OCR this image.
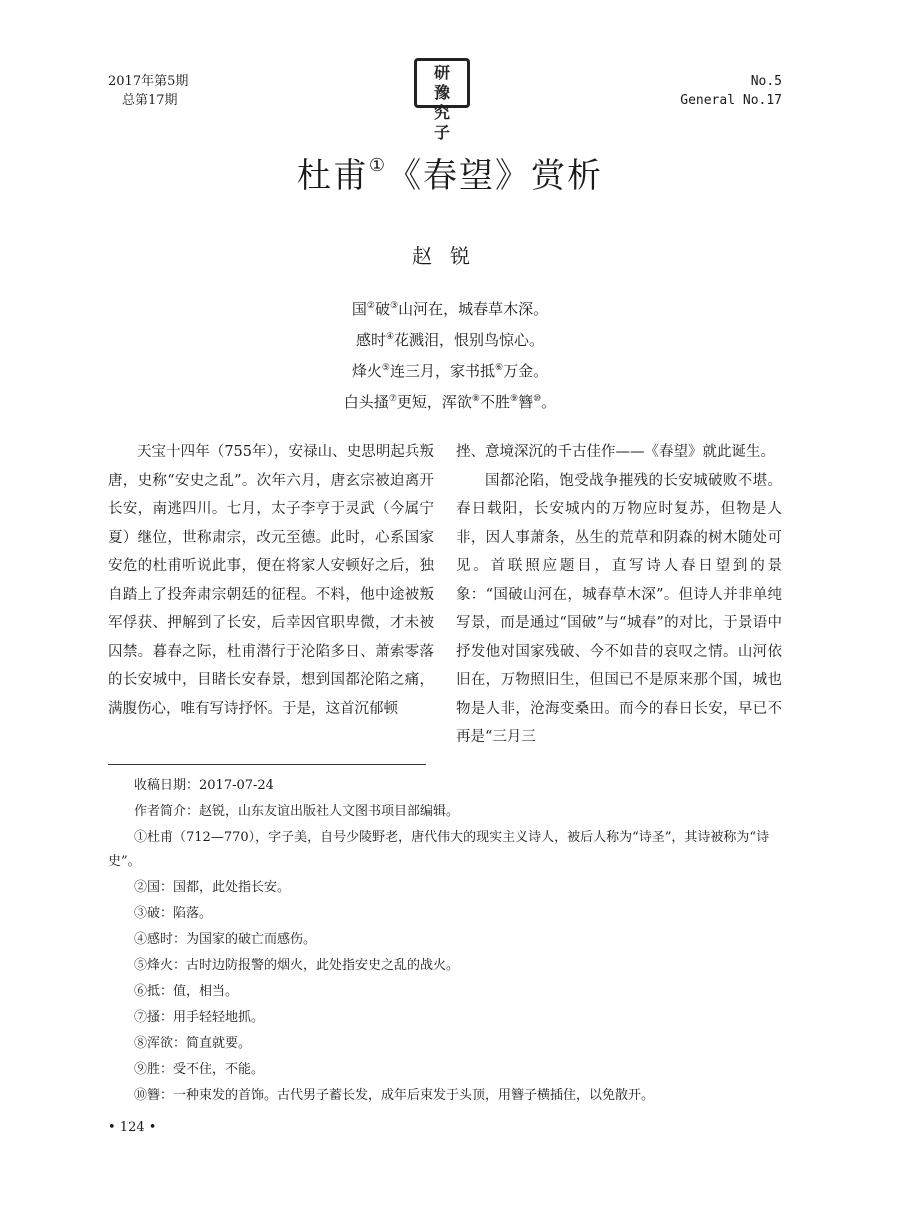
2017年第5期
总第17期
研
豫
究
子
No.5
General No.17
杜甫①《春望》赏析
赵锐
国②破③山河在，城春草木深。
感时④花溅泪，恨别鸟惊心。
烽火⑤连三月，家书抵⑥万金。
白头搔⑦更短，浑欲⑧不胜⑨簪⑩。

天宝十四年（755年），安禄山、史思明起兵叛唐，史称“安史之乱”。次年六月，唐玄宗被迫离开长安，南逃四川。七月，太子李亨于灵武（今属宁夏）继位，世称肃宗，改元至德。此时，心系国家安危的杜甫听说此事，便在将家人安顿好之后，独自踏上了投奔肃宗朝廷的征程。不料，他中途被叛军俘获、押解到了长安，后幸因官职卑微，才未被囚禁。暮春之际，杜甫潜行于沦陷多日、萧索零落的长安城中，目睹长安春景，想到国都沦陷之痛，满腹伤心，唯有写诗抒怀。于是，这首沉郁顿

挫、意境深沉的千古佳作——《春望》就此诞生。

国都沦陷，饱受战争摧残的长安城破败不堪。春日载阳，长安城内的万物应时复苏，但物是人非，因人事萧条，丛生的荒草和阴森的树木随处可见。首联照应题目，直写诗人春日望到的景象：“国破山河在，城春草木深”。但诗人并非单纯写景，而是通过“国破”与“城春”的对比，于景语中抒发他对国家残破、今不如昔的哀叹之情。山河依旧在，万物照旧生，但国已不是原来那个国，城也物是人非，沧海变桑田。而今的春日长安，早已不再是“三月三

收稿日期：2017-07-24

作者简介：赵锐，山东友谊出版社人文图书项目部编辑。

①杜甫（712—770），字子美，自号少陵野老，唐代伟大的现实主义诗人，被后人称为“诗圣”，其诗被称为“诗史”。

②国：国都，此处指长安。

③破：陷落。

④感时：为国家的破亡而感伤。

⑤烽火：古时边防报警的烟火，此处指安史之乱的战火。

⑥抵：值，相当。

⑦搔：用手轻轻地抓。

⑧浑欲：简直就要。

⑨胜：受不住，不能。

⑩簪：一种束发的首饰。古代男子蓄长发，成年后束发于头顶，用簪子横插住，以免散开。

• 124 •
